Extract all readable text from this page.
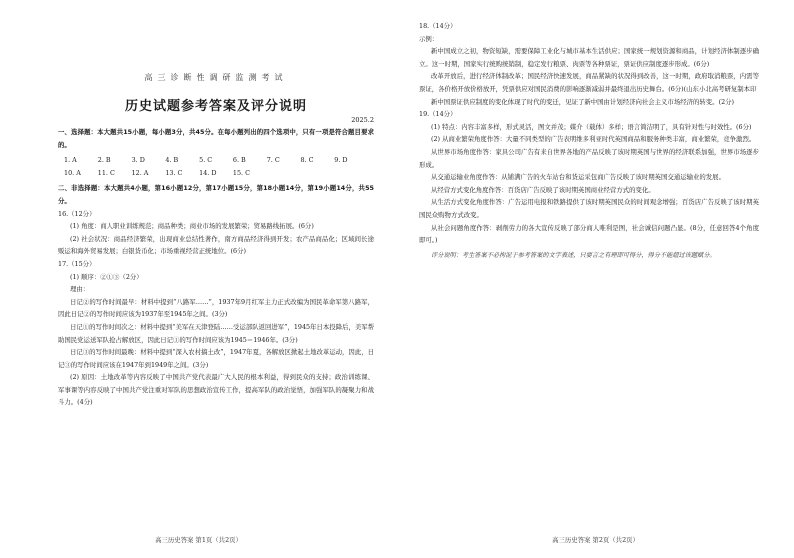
高三诊断性调研监测考试
历史试题参考答案及评分说明
2025.2

一、选择题：本大题共15小题，每小题3分，共45分。在每小题列出的四个选项中，只有一项是符合题目要求的。

1. A	2. B	3. D	4. B	5. C	6. B	7. C	8. C	9. D
10. A	11. C	12. A	13. C	14. D	15. C

二、非选择题：本大题共4小题，第16小题12分，第17小题15分，第18小题14分，第19小题14分，共55分。

16.（12分）

(1) 角度：商人职业训练规范；商品种类；商业市场的发展繁荣；贸易路线拓展。(6分)

(2) 社会状况：商品经济繁荣，出现商业总结性著作，南方商品经济得到开发；农产品商品化；区域间长途贩运和海外贸易发展；白银货币化；市场重视经营正统地位。(6分)

17.（15分）

(1) 顺序：②①③（2分）

理由：

日记②的写作时间最早：材料中提到“八路军……”，1937年9月红军主力正式改编为国民革命军第八路军，因此日记②的写作时间应该为1937年至1945年之间。(3分)

日记①的写作时间次之：材料中提到“美军在天津登陆……受运部队返回进军”，1945年日本投降后，美军帮助国民党运送军队抢占解放区，因此日记①的写作时间应该为1945＝1946年。(3分)

日记③的写作时间最晚：材料中提到“深入农村搞土改”，1947年夏，各解放区掀起土地改革运动，因此，日记③的写作时间应该在1947年到1949年之间。(3分)

(2) 原因：土地改革等内容反映了中国共产党代表最广大人民的根本利益，得到民众的支持；政治训练课、军事课等内容反映了中国共产党注重对军队的思想政治宣传工作，提高军队的政治觉悟，加强军队的凝聚力和战斗力。(4分)

高三历史答案 第1页（共2页）

18.（14分）

示例：

新中国成立之初，物资短缺，需要保障工业化与城市基本生活供应；国家统一规划资源和商品，计划经济体制逐步确立。这一时期，国家实行统购统销制，稳定发行粮票、肉票等各种票证，票证供应制度逐步形成。(6分)

改革开放后，进行经济体制改革；国民经济快速发展，商品紧缺的状况得到改善，这一时期，政府取消粮票，内需等票证，各价格开放价格放开，凭票供应对国民消费的影响逐渐减弱并最终退出历史舞台。(6分)(山东小北高考研复制本印

新中国票证供应制度的变化体现了时代的变迁，见证了新中国由计划经济向社会主义市场经济的转变。(2分)

19.（14分）

(1) 特点：内容丰富多样，形式灵活，图文并茂；媒介（载体）多样；语言简洁明了，具有针对性与时效性。(6分)

(2) 从商业繁荣角度作答：大量不同类型的广告表明维多利亚时代英国商品和服务种类丰富，商业繁荣，竞争激烈。

从世界市场角度作答：家具公司广告有来自世界各地的产品反映了该时期英国与世界的经济联系加强，世界市场逐步形成。

从交通运输业角度作答：从铺满广告的火车站台和货运采包商广告反映了该时期英国交通运输业的发展。

从经营方式变化角度作答：百货店广告反映了该时期英国商业经营方式的变化。

从生活方式变化角度作答：广告运用电报和铁路提供了该时期英国民众的时间观念增强；百货店广告反映了该时期英国民众购物方式改变。

从社会问题角度作答：剥削劳力的各大宣传反映了部分商人唯利是图，社会诚信问题凸显。(8分，任意回答4个角度即可。)

评分说明：考生答案不必拘泥于参考答案的文字表述，只要言之有理即可得分，得分不能超过该题赋分。

高三历史答案 第2页（共2页）
